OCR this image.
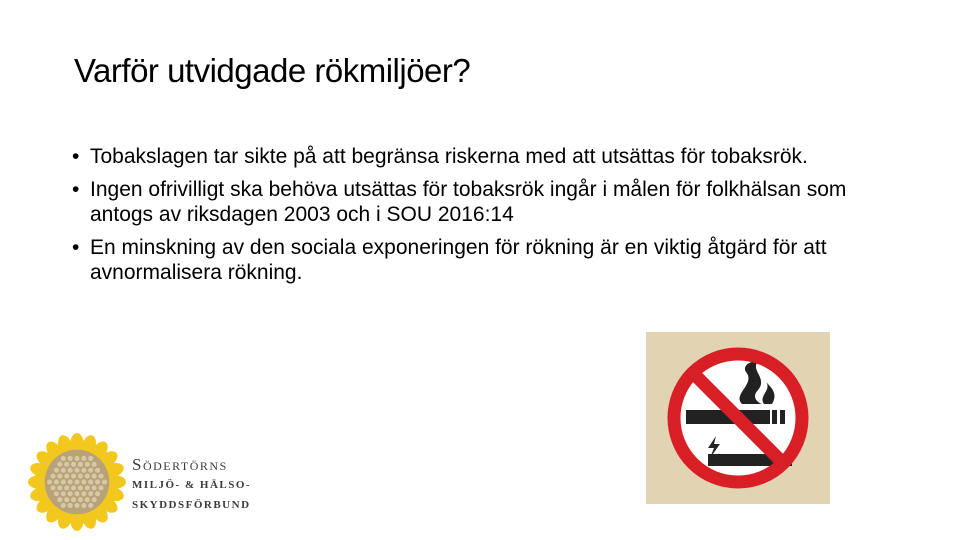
Varför utvidgade rökmiljöer?
• Tobakslagen tar sikte på att begränsa riskerna med att utsättas för tobaksrök.
• Ingen ofrivilligt ska behöva utsättas för tobaksrök ingår i målen för folkhälsan som antogs av riksdagen 2003 och i SOU 2016:14
• En minskning av den sociala exponeringen för rökning är en viktig åtgärd för att avnormalisera rökning.
Södertörns
MILJÖ- & HÄLSO-
SKYDDSFÖRBUND
